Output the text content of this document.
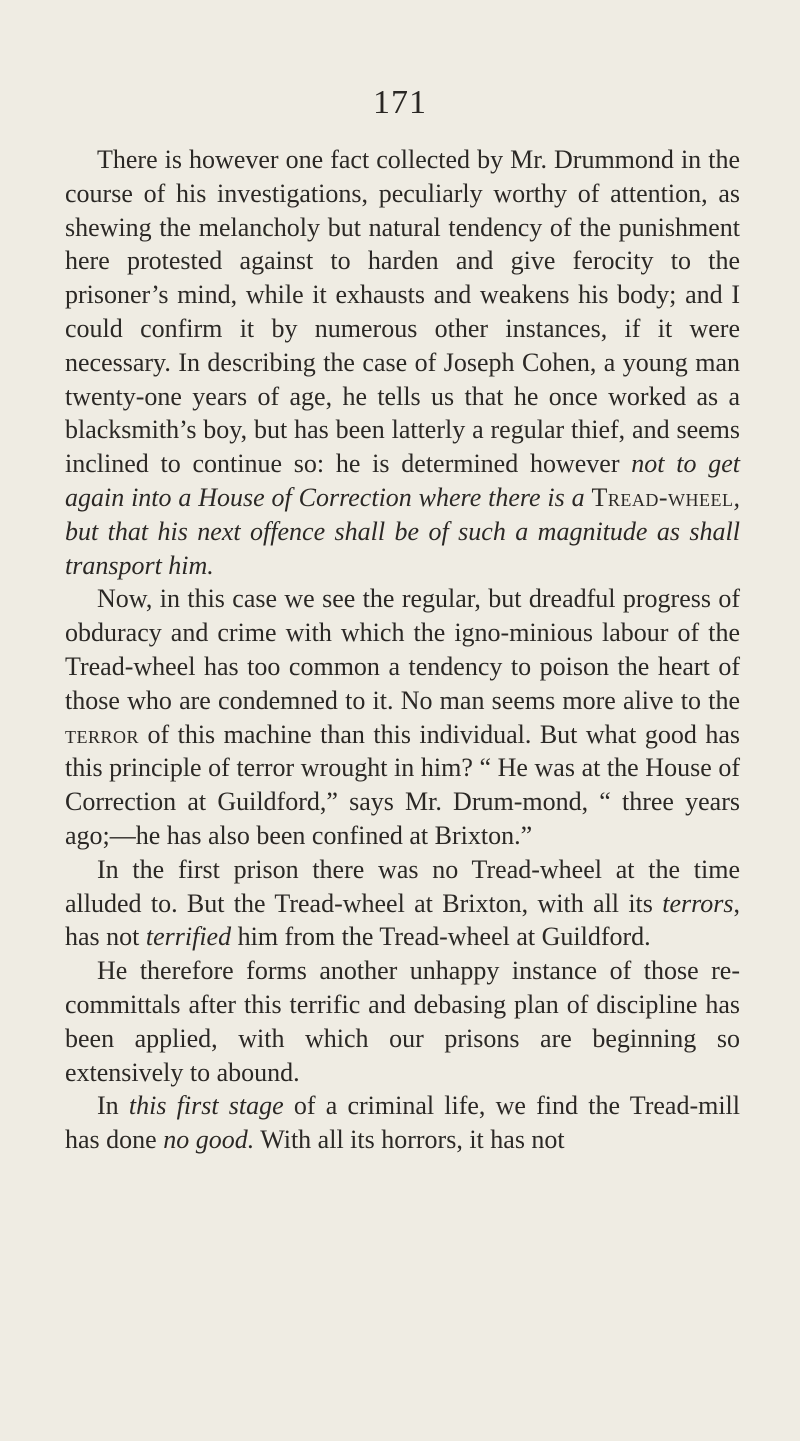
171

There is however one fact collected by Mr. Drummond in the course of his investigations, peculiarly worthy of attention, as shewing the melancholy but natural tendency of the punishment here protested against to harden and give ferocity to the prisoner’s mind, while it exhausts and weakens his body; and I could confirm it by numerous other instances, if it were necessary. In describing the case of Joseph Cohen, a young man twenty-one years of age, he tells us that he once worked as a blacksmith’s boy, but has been latterly a regular thief, and seems inclined to continue so: he is determined however not to get again into a House of Correction where there is a Tread-wheel, but that his next offence shall be of such a magnitude as shall transport him.

Now, in this case we see the regular, but dreadful progress of obduracy and crime with which the igno-minious labour of the Tread-wheel has too common a tendency to poison the heart of those who are condemned to it. No man seems more alive to the terror of this machine than this individual. But what good has this principle of terror wrought in him? “ He was at the House of Correction at Guildford,” says Mr. Drum-mond, “ three years ago;—he has also been confined at Brixton.”

In the first prison there was no Tread-wheel at the time alluded to. But the Tread-wheel at Brixton, with all its terrors, has not terrified him from the Tread-wheel at Guildford.

He therefore forms another unhappy instance of those re-committals after this terrific and debasing plan of discipline has been applied, with which our prisons are beginning so extensively to abound.

In this first stage of a criminal life, we find the Tread-mill has done no good. With all its horrors, it has not
